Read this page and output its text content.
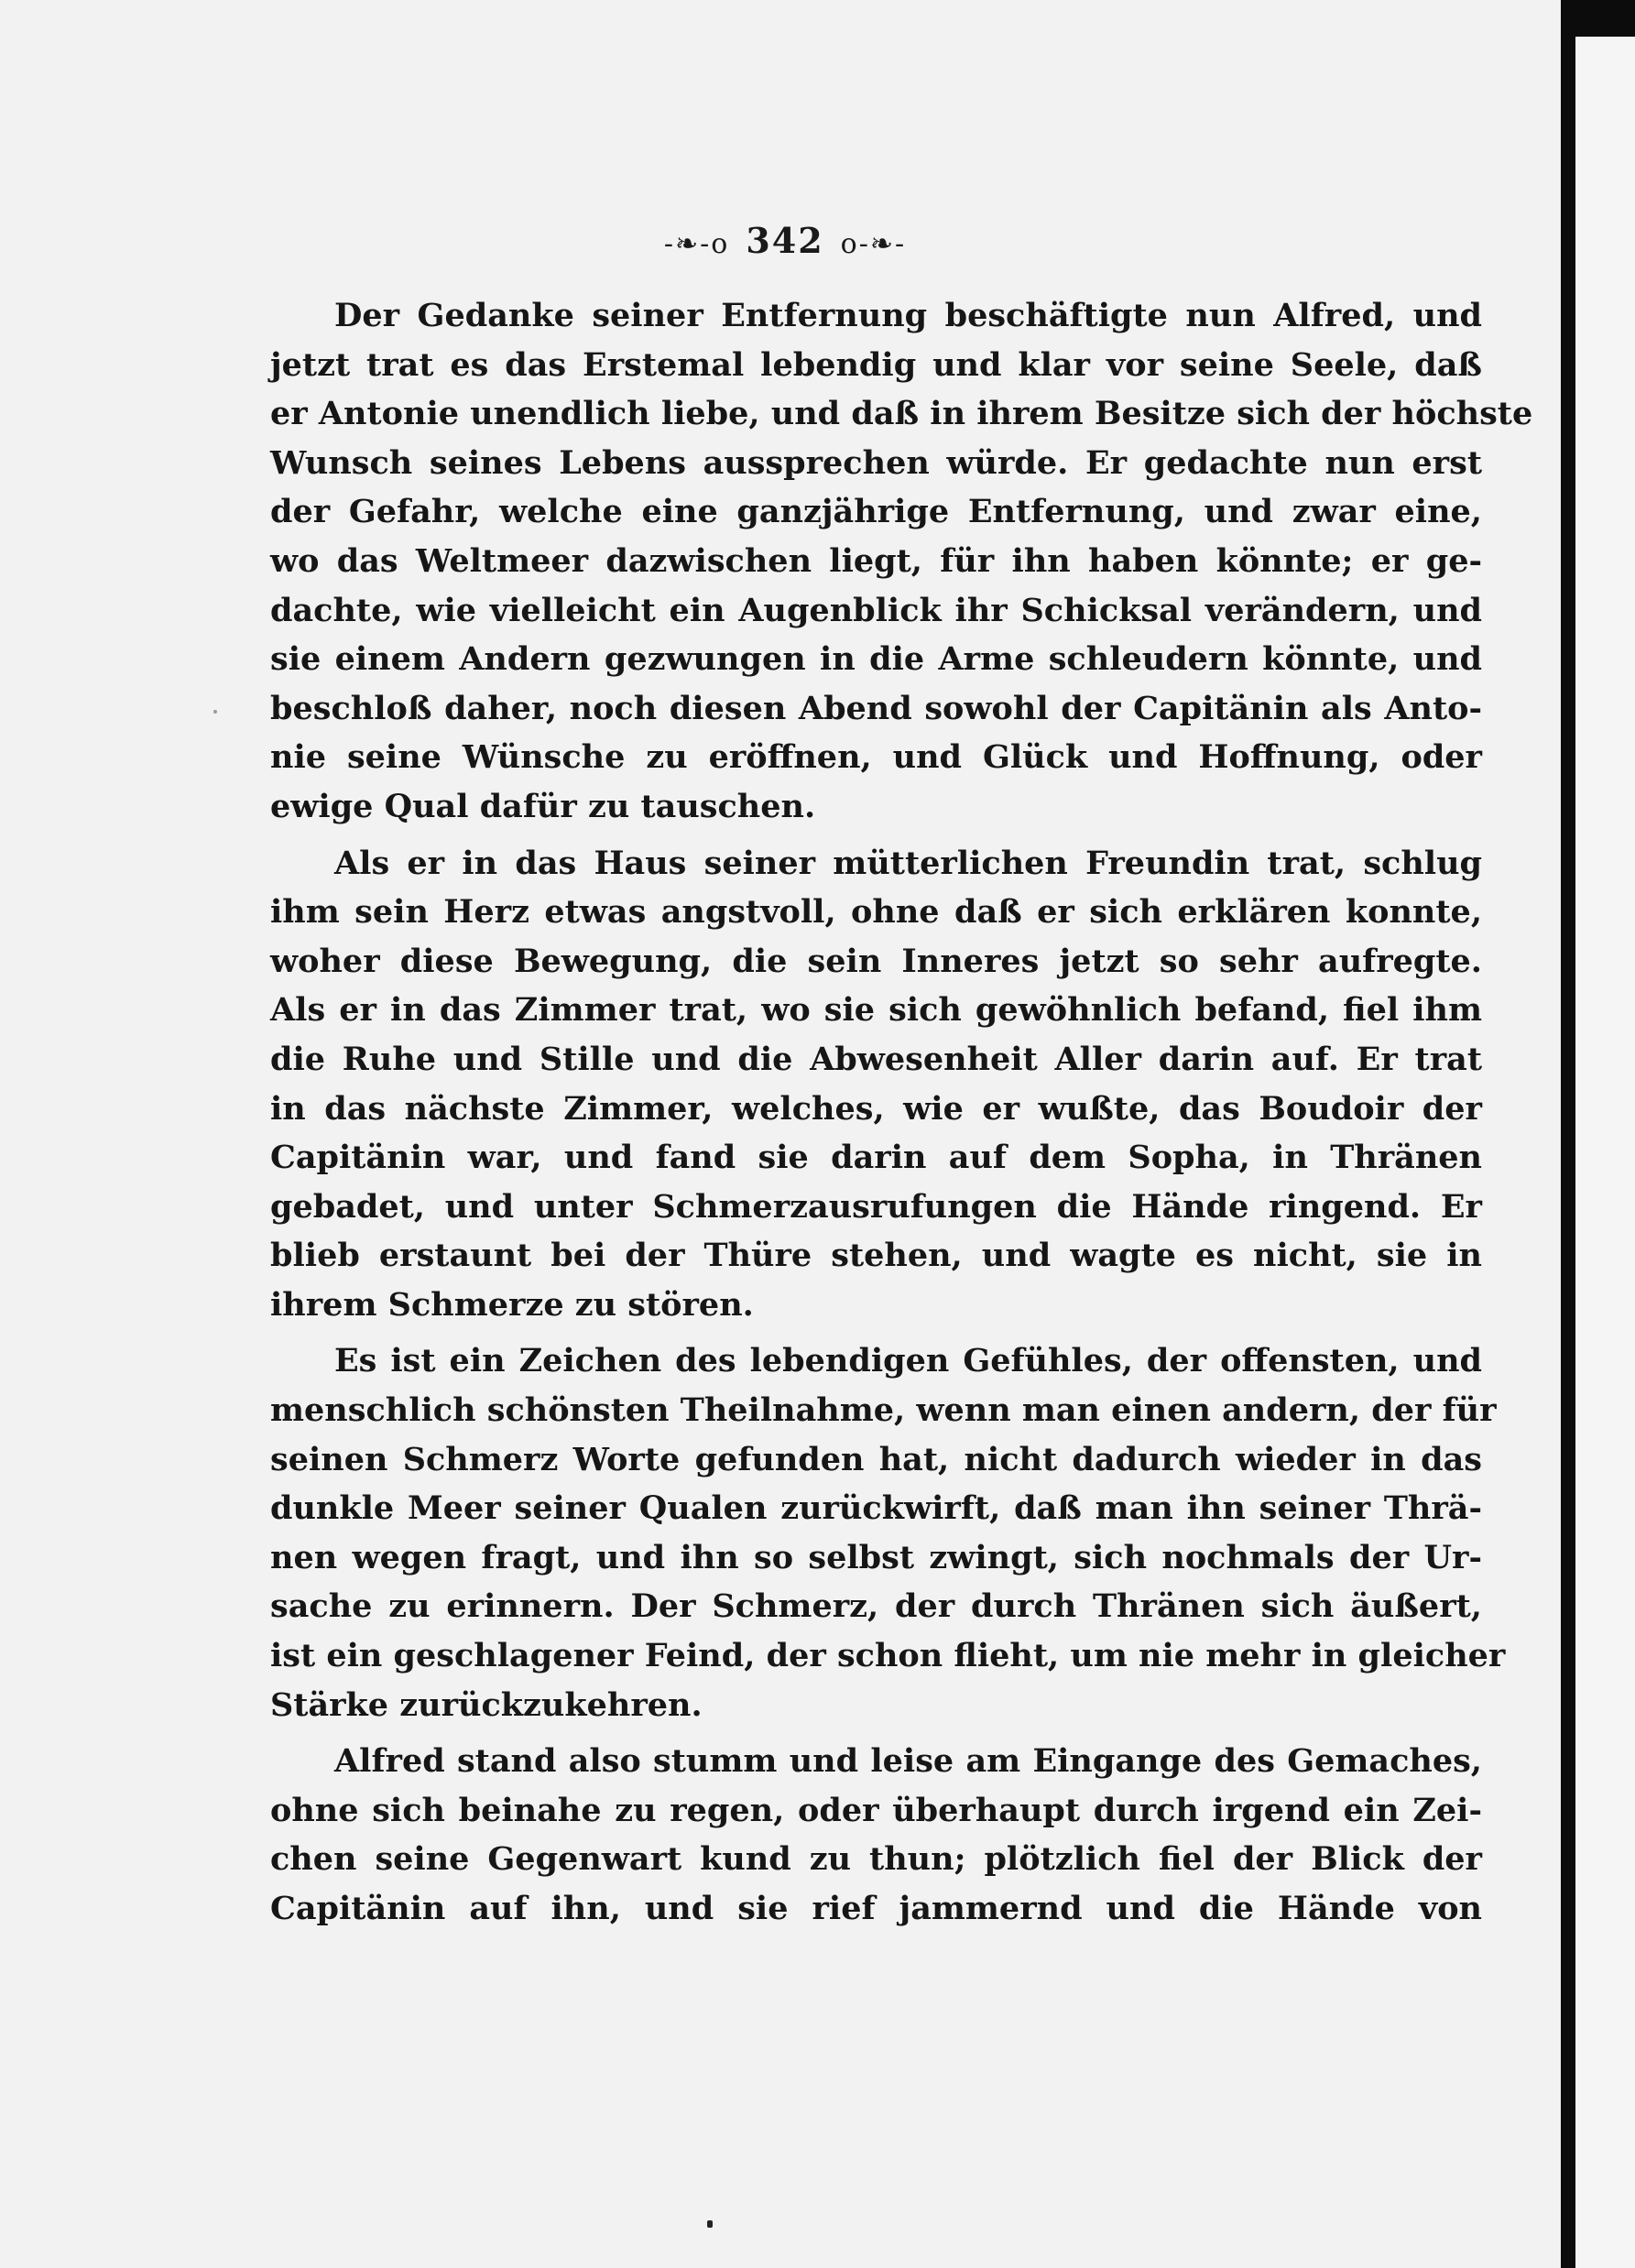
-❧-o 342 o-❧-

Der Gedanke seiner Entfernung beschäftigte nun Alfred, und
jetzt trat es das Erstemal lebendig und klar vor seine Seele, daß
er Antonie unendlich liebe, und daß in ihrem Besitze sich der höchste
Wunsch seines Lebens aussprechen würde. Er gedachte nun erst
der Gefahr, welche eine ganzjährige Entfernung, und zwar eine,
wo das Weltmeer dazwischen liegt, für ihn haben könnte; er ge-
dachte, wie vielleicht ein Augenblick ihr Schicksal verändern, und
sie einem Andern gezwungen in die Arme schleudern könnte, und
beschloß daher, noch diesen Abend sowohl der Capitänin als Anto-
nie seine Wünsche zu eröffnen, und Glück und Hoffnung, oder
ewige Qual dafür zu tauschen.

Als er in das Haus seiner mütterlichen Freundin trat, schlug
ihm sein Herz etwas angstvoll, ohne daß er sich erklären konnte,
woher diese Bewegung, die sein Inneres jetzt so sehr aufregte.
Als er in das Zimmer trat, wo sie sich gewöhnlich befand, fiel ihm
die Ruhe und Stille und die Abwesenheit Aller darin auf. Er trat
in das nächste Zimmer, welches, wie er wußte, das Boudoir der
Capitänin war, und fand sie darin auf dem Sopha, in Thränen
gebadet, und unter Schmerzausrufungen die Hände ringend. Er
blieb erstaunt bei der Thüre stehen, und wagte es nicht, sie in
ihrem Schmerze zu stören.

Es ist ein Zeichen des lebendigen Gefühles, der offensten, und
menschlich schönsten Theilnahme, wenn man einen andern, der für
seinen Schmerz Worte gefunden hat, nicht dadurch wieder in das
dunkle Meer seiner Qualen zurückwirft, daß man ihn seiner Thrä-
nen wegen fragt, und ihn so selbst zwingt, sich nochmals der Ur-
sache zu erinnern. Der Schmerz, der durch Thränen sich äußert,
ist ein geschlagener Feind, der schon flieht, um nie mehr in gleicher
Stärke zurückzukehren.

Alfred stand also stumm und leise am Eingange des Gemaches,
ohne sich beinahe zu regen, oder überhaupt durch irgend ein Zei-
chen seine Gegenwart kund zu thun; plötzlich fiel der Blick der
Capitänin auf ihn, und sie rief jammernd und die Hände von
